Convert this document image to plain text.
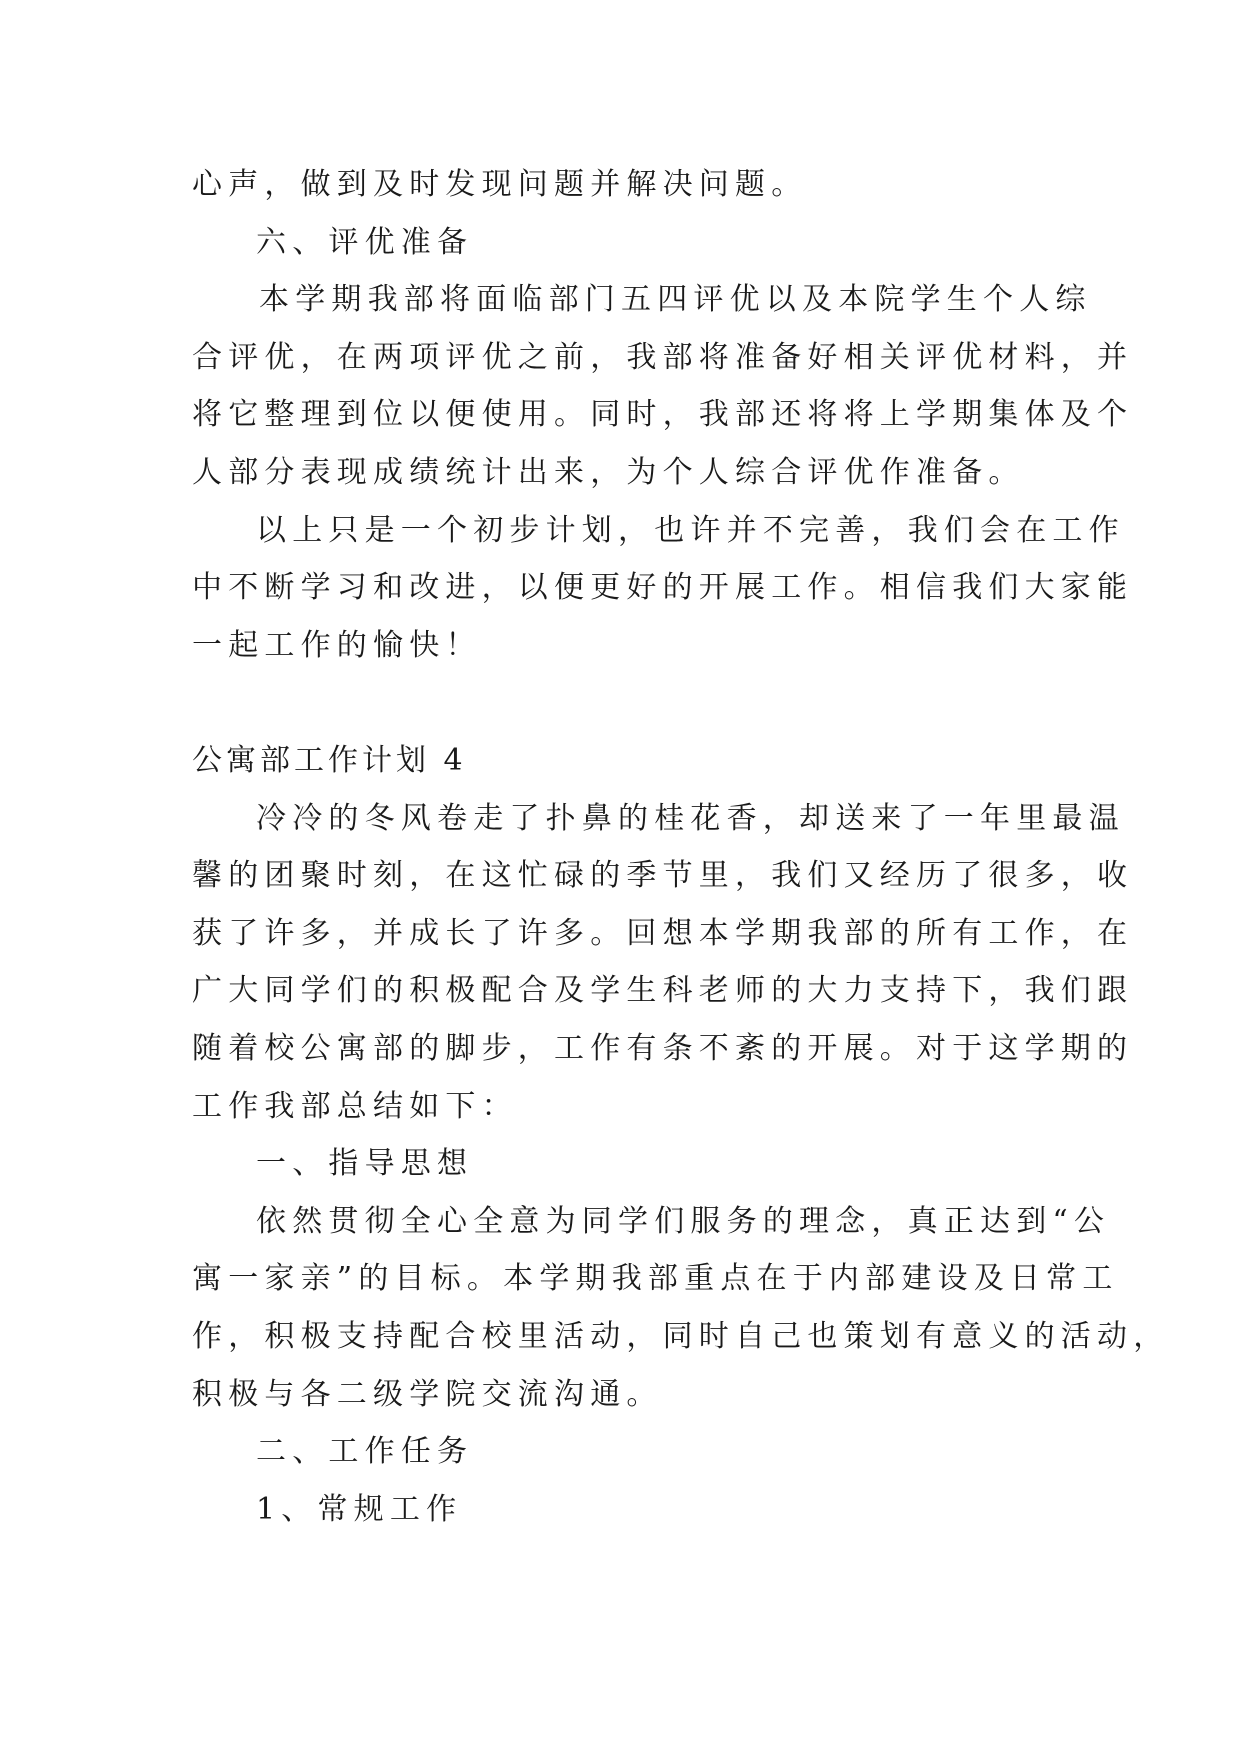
心声，做到及时发现问题并解决问题。
六、评优准备
本学期我部将面临部门五四评优以及本院学生个人综
合评优，在两项评优之前，我部将准备好相关评优材料，并
将它整理到位以便使用。同时，我部还将将上学期集体及个
人部分表现成绩统计出来，为个人综合评优作准备。
以上只是一个初步计划，也许并不完善，我们会在工作
中不断学习和改进，以便更好的开展工作。相信我们大家能
一起工作的愉快！
公寓部工作计划 4
冷冷的冬风卷走了扑鼻的桂花香，却送来了一年里最温
馨的团聚时刻，在这忙碌的季节里，我们又经历了很多，收
获了许多，并成长了许多。回想本学期我部的所有工作，在
广大同学们的积极配合及学生科老师的大力支持下，我们跟
随着校公寓部的脚步，工作有条不紊的开展。对于这学期的
工作我部总结如下：
一、指导思想
依然贯彻全心全意为同学们服务的理念，真正达到“公
寓一家亲”的目标。本学期我部重点在于内部建设及日常工
作，积极支持配合校里活动，同时自己也策划有意义的活动，
积极与各二级学院交流沟通。
二、工作任务
1、常规工作
